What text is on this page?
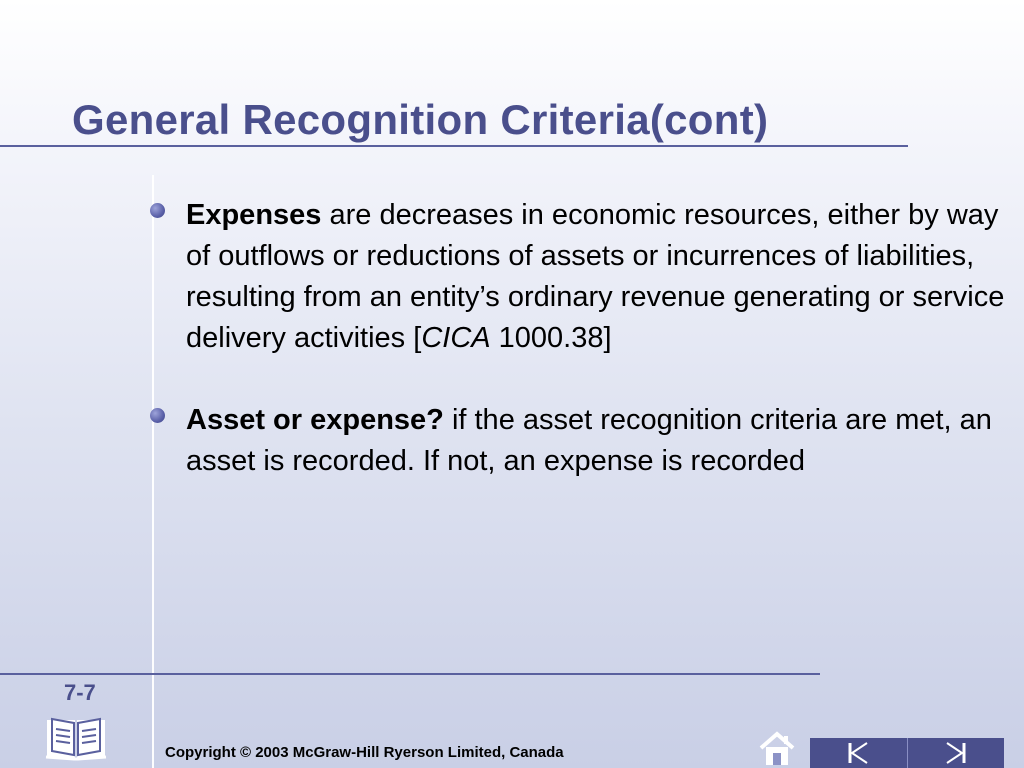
General Recognition Criteria(cont)
Expenses are decreases in economic resources, either by way of outflows or reductions of assets or incurrences of liabilities, resulting from an entity’s ordinary revenue generating or service delivery activities [CICA 1000.38]
Asset or expense? if the asset recognition criteria are met, an asset is recorded. If not, an expense is recorded
7-7
Copyright © 2003 McGraw-Hill Ryerson Limited, Canada
